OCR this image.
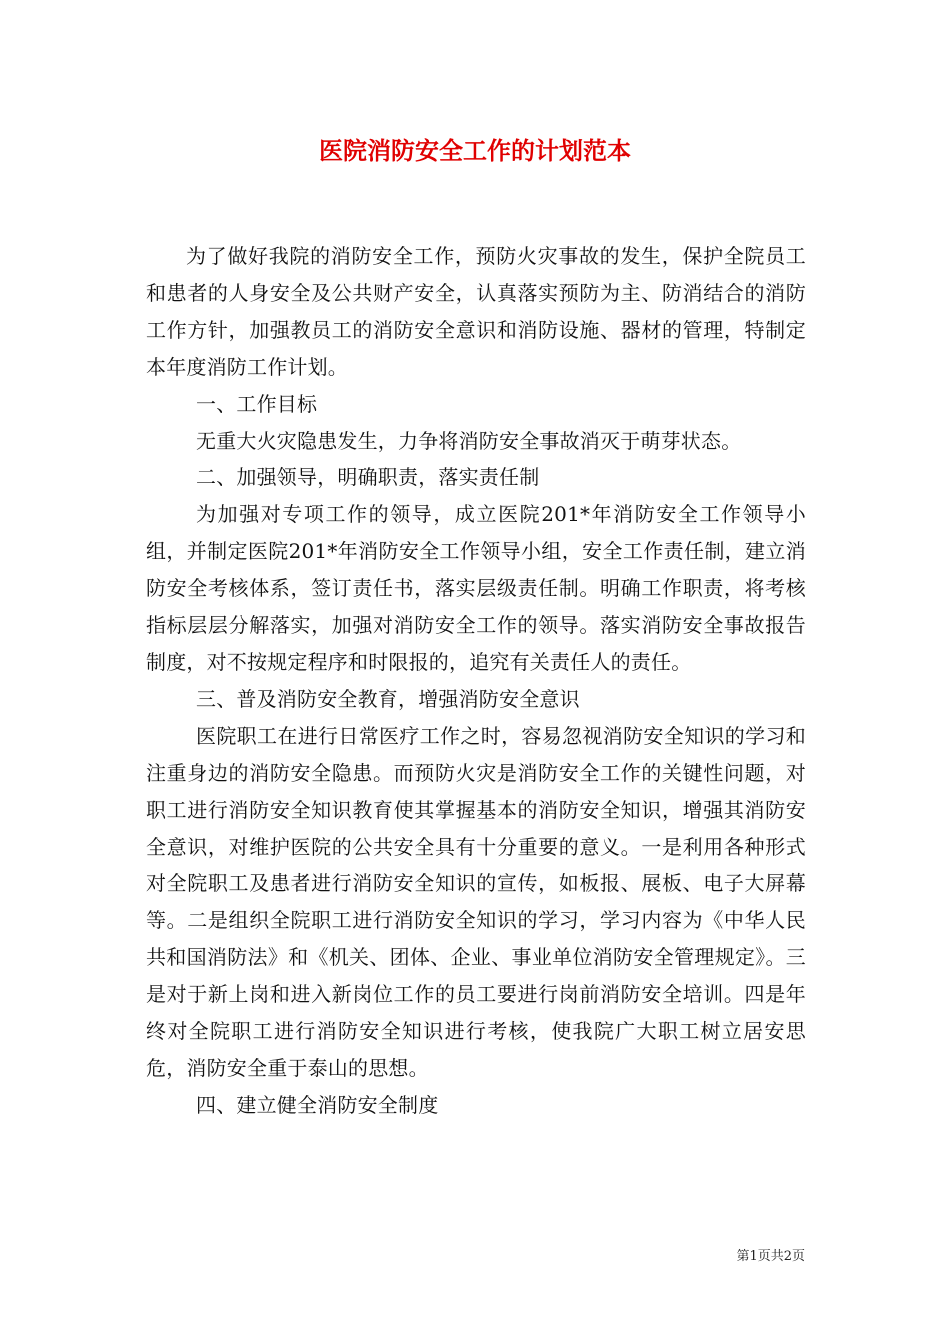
医院消防安全工作的计划范本

为了做好我院的消防安全工作，预防火灾事故的发生，保护全院员工和患者的人身安全及公共财产安全，认真落实预防为主、防消结合的消防工作方针，加强教员工的消防安全意识和消防设施、器材的管理，特制定本年度消防工作计划。

一、工作目标

无重大火灾隐患发生，力争将消防安全事故消灭于萌芽状态。

二、加强领导，明确职责，落实责任制

为加强对专项工作的领导，成立医院201*年消防安全工作领导小组，并制定医院201*年消防安全工作领导小组，安全工作责任制，建立消防安全考核体系，签订责任书，落实层级责任制。明确工作职责，将考核指标层层分解落实，加强对消防安全工作的领导。落实消防安全事故报告制度，对不按规定程序和时限报的，追究有关责任人的责任。

三、普及消防安全教育，增强消防安全意识

医院职工在进行日常医疗工作之时，容易忽视消防安全知识的学习和注重身边的消防安全隐患。而预防火灾是消防安全工作的关键性问题，对职工进行消防安全知识教育使其掌握基本的消防安全知识，增强其消防安全意识，对维护医院的公共安全具有十分重要的意义。一是利用各种形式对全院职工及患者进行消防安全知识的宣传，如板报、展板、电子大屏幕等。二是组织全院职工进行消防安全知识的学习，学习内容为《中华人民共和国消防法》和《机关、团体、企业、事业单位消防安全管理规定》。三是对于新上岗和进入新岗位工作的员工要进行岗前消防安全培训。四是年终对全院职工进行消防安全知识进行考核，使我院广大职工树立居安思危，消防安全重于泰山的思想。

四、建立健全消防安全制度

第1页共2页
